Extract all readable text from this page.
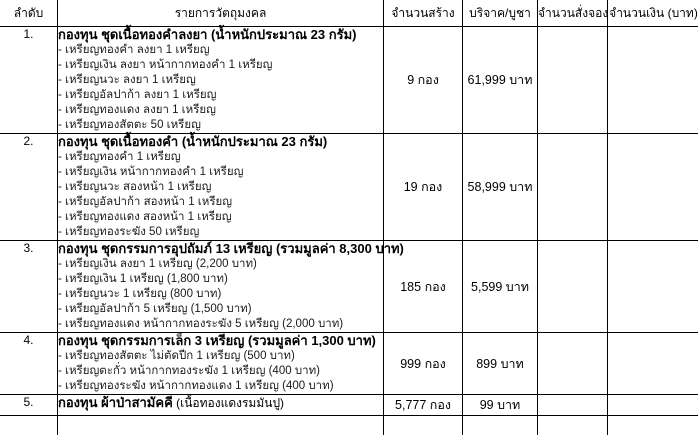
ลำดับ	รายการวัตถุมงคล	จำนวนสร้าง	บริจาค/บูชา	จำนวนสั่งจอง	จำนวนเงิน (บาท)
1.	กองทุน ชุดเนื้อทองคำลงยา (น้ำหนักประมาณ 23 กรัม)
- เหรียญทองคำ ลงยา 1 เหรียญ
- เหรียญเงิน ลงยา หน้ากากทองคำ 1 เหรียญ
- เหรียญนวะ ลงยา 1 เหรียญ
- เหรียญอัลปาก้า ลงยา 1 เหรียญ
- เหรียญทองแดง ลงยา 1 เหรียญ
- เหรียญทองสัตตะ 50 เหรียญ
	9 กอง	61,999 บาท		
2.	กองทุน ชุดเนื้อทองคำ (น้ำหนักประมาณ 23 กรัม)
- เหรียญทองคำ 1 เหรียญ
- เหรียญเงิน หน้ากากทองคำ 1 เหรียญ
- เหรียญนวะ สองหน้า 1 เหรียญ
- เหรียญอัลปาก้า สองหน้า 1 เหรียญ
- เหรียญทองแดง สองหน้า 1 เหรียญ
- เหรียญทองระฆัง 50 เหรียญ
	19 กอง	58,999 บาท		
3.	กองทุน ชุดกรรมการอุปถัมภ์ 13 เหรียญ (รวมมูลค่า 8,300 บาท)
- เหรียญเงิน ลงยา 1 เหรียญ (2,200 บาท)
- เหรียญเงิน 1 เหรียญ (1,800 บาท)
- เหรียญนวะ 1 เหรียญ (800 บาท)
- เหรียญอัลปาก้า 5 เหรียญ (1,500 บาท)
- เหรียญทองแดง หน้ากากทองระฆัง 5 เหรียญ (2,000 บาท)
	185 กอง	5,599 บาท		
4.	กองทุน ชุดกรรมการเล็ก 3 เหรียญ (รวมมูลค่า 1,300 บาท)
- เหรียญทองสัตตะ ไม่ตัดปีก 1 เหรียญ (500 บาท)
- เหรียญตะกั่ว หน้ากากทองระฆัง 1 เหรียญ (400 บาท)
- เหรียญทองระฆัง หน้ากากทองแดง 1 เหรียญ (400 บาท)	999 กอง	899 บาท		
5.	กองทุน ผ้าป่าสามัคคี (เนื้อทองแดงรมมันปู)	5,777 กอง	99 บาท		
